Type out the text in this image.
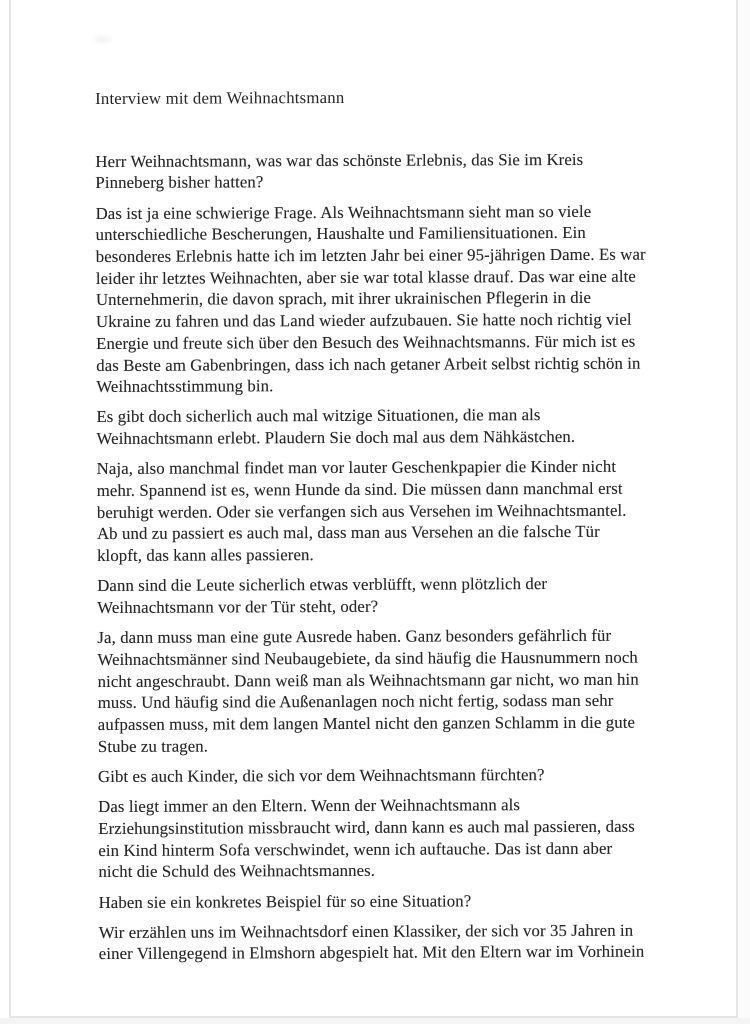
Interview mit dem Weihnachtsmann

Herr Weihnachtsmann, was war das schönste Erlebnis, das Sie im Kreis
Pinneberg bisher hatten?

Das ist ja eine schwierige Frage. Als Weihnachtsmann sieht man so viele
unterschiedliche Bescherungen, Haushalte und Familiensituationen. Ein
besonderes Erlebnis hatte ich im letzten Jahr bei einer 95-jährigen Dame. Es war
leider ihr letztes Weihnachten, aber sie war total klasse drauf. Das war eine alte
Unternehmerin, die davon sprach, mit ihrer ukrainischen Pflegerin in die
Ukraine zu fahren und das Land wieder aufzubauen. Sie hatte noch richtig viel
Energie und freute sich über den Besuch des Weihnachtsmanns. Für mich ist es
das Beste am Gabenbringen, dass ich nach getaner Arbeit selbst richtig schön in
Weihnachtsstimmung bin.

Es gibt doch sicherlich auch mal witzige Situationen, die man als
Weihnachtsmann erlebt. Plaudern Sie doch mal aus dem Nähkästchen.

Naja, also manchmal findet man vor lauter Geschenkpapier die Kinder nicht
mehr. Spannend ist es, wenn Hunde da sind. Die müssen dann manchmal erst
beruhigt werden. Oder sie verfangen sich aus Versehen im Weihnachtsmantel.
Ab und zu passiert es auch mal, dass man aus Versehen an die falsche Tür
klopft, das kann alles passieren.

Dann sind die Leute sicherlich etwas verblüfft, wenn plötzlich der
Weihnachtsmann vor der Tür steht, oder?

Ja, dann muss man eine gute Ausrede haben. Ganz besonders gefährlich für
Weihnachtsmänner sind Neubaugebiete, da sind häufig die Hausnummern noch
nicht angeschraubt. Dann weiß man als Weihnachtsmann gar nicht, wo man hin
muss. Und häufig sind die Außenanlagen noch nicht fertig, sodass man sehr
aufpassen muss, mit dem langen Mantel nicht den ganzen Schlamm in die gute
Stube zu tragen.

Gibt es auch Kinder, die sich vor dem Weihnachtsmann fürchten?

Das liegt immer an den Eltern. Wenn der Weihnachtsmann als
Erziehungsinstitution missbraucht wird, dann kann es auch mal passieren, dass
ein Kind hinterm Sofa verschwindet, wenn ich auftauche. Das ist dann aber
nicht die Schuld des Weihnachtsmannes.

Haben sie ein konkretes Beispiel für so eine Situation?

Wir erzählen uns im Weihnachtsdorf einen Klassiker, der sich vor 35 Jahren in
einer Villengegend in Elmshorn abgespielt hat. Mit den Eltern war im Vorhinein
